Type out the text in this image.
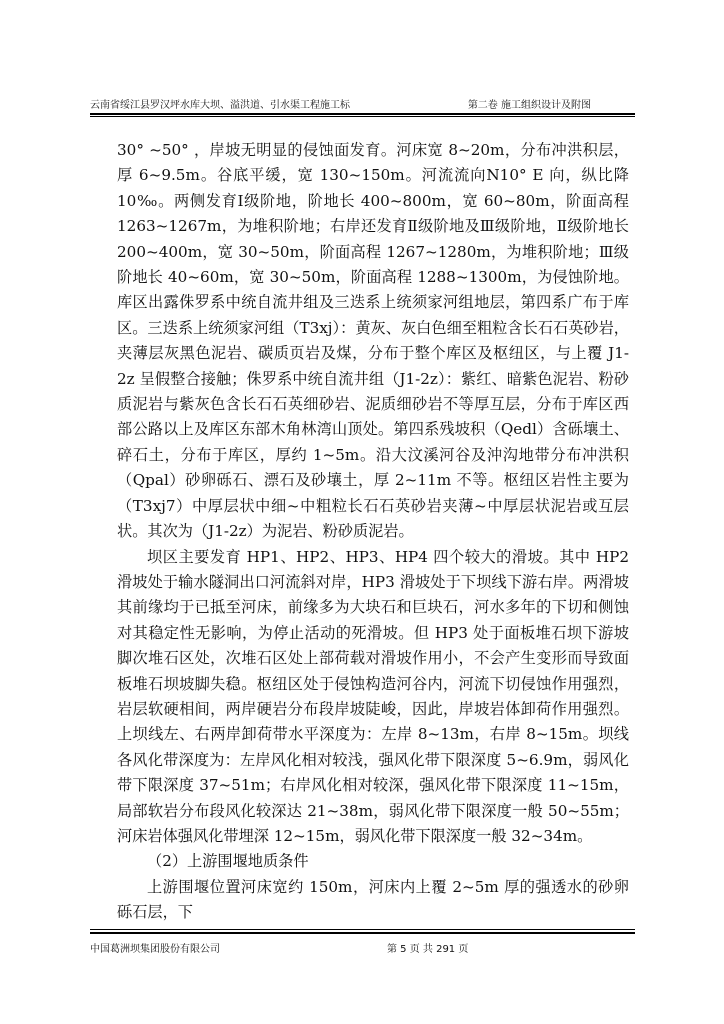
云南省绥江县罗汉坪水库大坝、溢洪道、引水渠工程施工标	第二卷 施工组织设计及附图

30° ~50° ，岸坡无明显的侵蚀面发育。河床宽 8~20m，分布冲洪积层，厚 6~9.5m。谷底平缓，宽 130~150m。河流流向N10° E 向，纵比降 10‰。两侧发育Ⅰ级阶地，阶地长 400~800m，宽 60~80m，阶面高程 1263~1267m，为堆积阶地；右岸还发育Ⅱ级阶地及Ⅲ级阶地，Ⅱ级阶地长 200~400m，宽 30~50m，阶面高程 1267~1280m，为堆积阶地；Ⅲ级阶地长 40~60m，宽 30~50m，阶面高程 1288~1300m，为侵蚀阶地。库区出露侏罗系中统自流井组及三迭系上统须家河组地层，第四系广布于库区。三迭系上统须家河组（T3xj）：黄灰、灰白色细至粗粒含长石石英砂岩，夹薄层灰黑色泥岩、碳质页岩及煤，分布于整个库区及枢纽区，与上覆 J1-2z 呈假整合接触；侏罗系中统自流井组（J1-2z）：紫红、暗紫色泥岩、粉砂质泥岩与紫灰色含长石石英细砂岩、泥质细砂岩不等厚互层，分布于库区西部公路以上及库区东部木角林湾山顶处。第四系残坡积（Qedl）含砾壤土、碎石土，分布于库区，厚约 1~5m。沿大汶溪河谷及沖沟地带分布冲洪积（Qpal）砂卵砾石、漂石及砂壤土，厚 2~11m 不等。枢纽区岩性主要为（T3xj7）中厚层状中细~中粗粒长石石英砂岩夹薄~中厚层状泥岩或互层状。其次为（J1-2z）为泥岩、粉砂质泥岩。

坝区主要发育 HP1、HP2、HP3、HP4 四个较大的滑坡。其中 HP2 滑坡处于输水隧洞出口河流斜对岸，HP3 滑坡处于下坝线下游右岸。两滑坡其前缘均于已抵至河床，前缘多为大块石和巨块石，河水多年的下切和侧蚀对其稳定性无影响，为停止活动的死滑坡。但 HP3 处于面板堆石坝下游坡脚次堆石区处，次堆石区处上部荷载对滑坡作用小，不会产生变形而导致面板堆石坝坡脚失稳。枢纽区处于侵蚀构造河谷内，河流下切侵蚀作用强烈，岩层软硬相间，两岸硬岩分布段岸坡陡峻，因此，岸坡岩体卸荷作用强烈。上坝线左、右两岸卸荷带水平深度为：左岸 8~13m，右岸 8~15m。坝线各风化带深度为：左岸风化相对较浅，强风化带下限深度 5~6.9m，弱风化带下限深度 37~51m；右岸风化相对较深，强风化带下限深度 11~15m，局部软岩分布段风化较深达 21~38m，弱风化带下限深度一般 50~55m；河床岩体强风化带埋深 12~15m，弱风化带下限深度一般 32~34m。

（2）上游围堰地质条件

上游围堰位置河床宽约 150m，河床内上覆 2~5m 厚的强透水的砂卵砾石层，下

中国葛洲坝集团股份有限公司	第 5 页 共 291 页
